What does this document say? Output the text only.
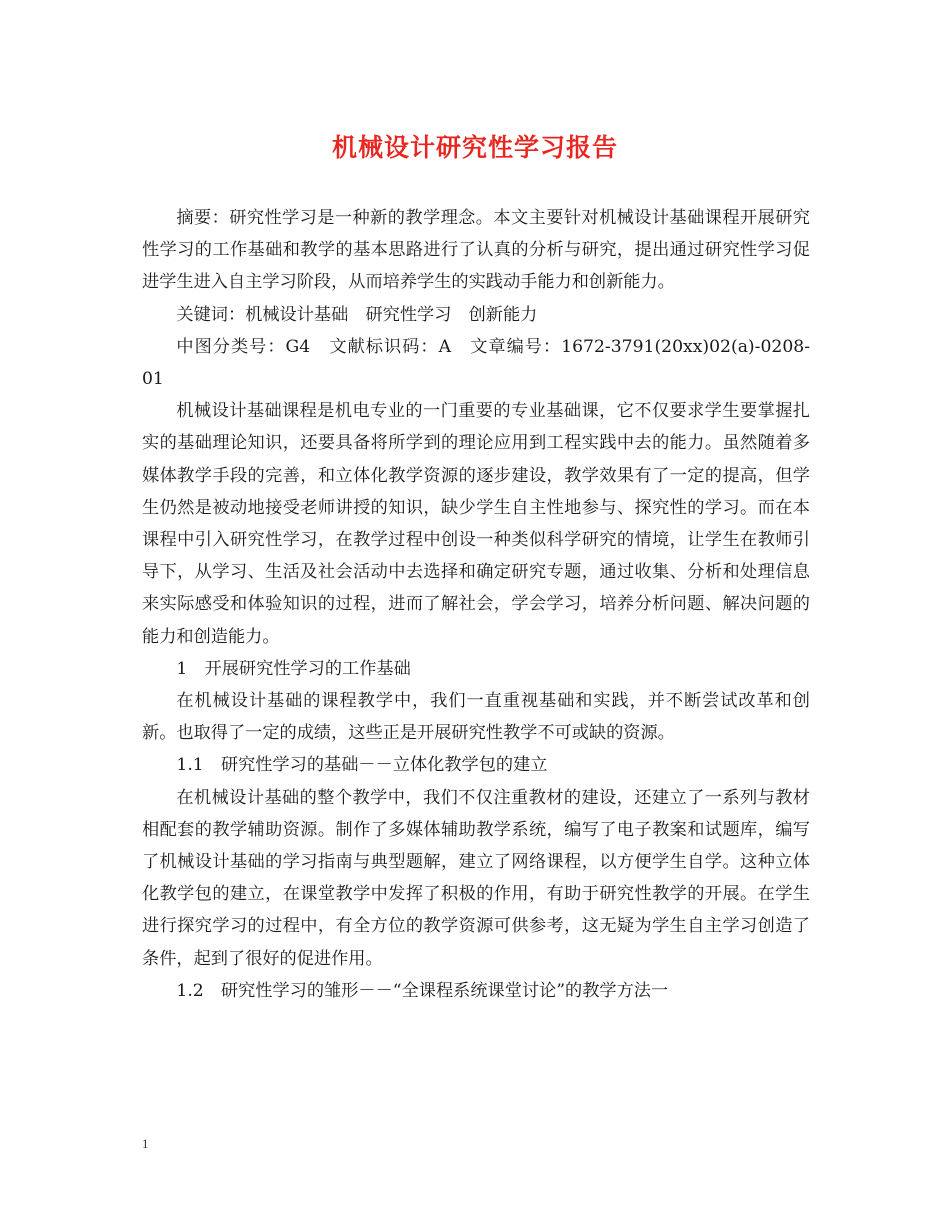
机械设计研究性学习报告

摘要：研究性学习是一种新的教学理念。本文主要针对机械设计基础课程开展研究性学习的工作基础和教学的基本思路进行了认真的分析与研究，提出通过研究性学习促进学生进入自主学习阶段，从而培养学生的实践动手能力和创新能力。

关键词：机械设计基础　研究性学习　创新能力

中图分类号：G4　文献标识码：A　文章编号：1672-3791(20xx)02(a)-0208-01

机械设计基础课程是机电专业的一门重要的专业基础课，它不仅要求学生要掌握扎实的基础理论知识，还要具备将所学到的理论应用到工程实践中去的能力。虽然随着多媒体教学手段的完善，和立体化教学资源的逐步建设，教学效果有了一定的提高，但学生仍然是被动地接受老师讲授的知识，缺少学生自主性地参与、探究性的学习。而在本课程中引入研究性学习，在教学过程中创设一种类似科学研究的情境，让学生在教师引导下，从学习、生活及社会活动中去选择和确定研究专题，通过收集、分析和处理信息来实际感受和体验知识的过程，进而了解社会，学会学习，培养分析问题、解决问题的能力和创造能力。

1　开展研究性学习的工作基础

在机械设计基础的课程教学中，我们一直重视基础和实践，并不断尝试改革和创新。也取得了一定的成绩，这些正是开展研究性教学不可或缺的资源。

1.1　研究性学习的基础－－立体化教学包的建立

在机械设计基础的整个教学中，我们不仅注重教材的建设，还建立了一系列与教材相配套的教学辅助资源。制作了多媒体辅助教学系统，编写了电子教案和试题库，编写了机械设计基础的学习指南与典型题解，建立了网络课程，以方便学生自学。这种立体化教学包的建立，在课堂教学中发挥了积极的作用，有助于研究性教学的开展。在学生进行探究学习的过程中，有全方位的教学资源可供参考，这无疑为学生自主学习创造了条件，起到了很好的促进作用。

1.2　研究性学习的雏形－－“全课程系统课堂讨论”的教学方法一

1
